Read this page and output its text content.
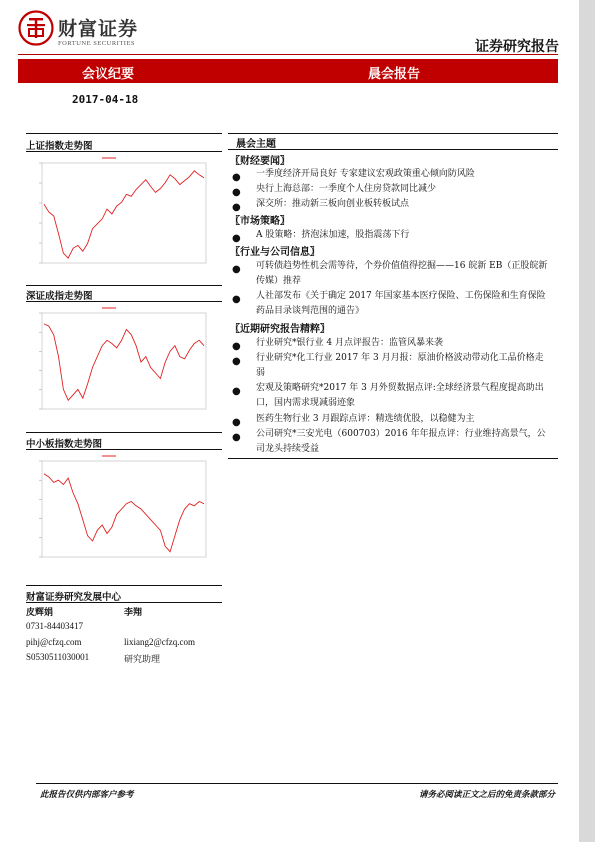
财富证券
FORTUNE SECURITIES	证券研究报告
会议纪要	晨会报告
2017-04-18
上证指数走势图
深证成指走势图
中小板指数走势图
财富证券研究发展中心
皮辉娟	李翔
0731-84403417
pihj@cfzq.com	lixiang2@cfzq.com
S0530511030001	研究助理
晨会主题
〖财经要闻〗
● 一季度经济开局良好 专家建议宏观政策重心倾向防风险
● 央行上海总部：一季度个人住房贷款同比减少
● 深交所：推动新三板向创业板转板试点
〖市场策略〗
● A 股策略：挤泡沫加速，股指震荡下行
〖行业与公司信息〗
● 可转债趋势性机会需等待，个券价值值得挖掘——16 皖新 EB（正股皖新传媒）推荐
● 人社部发布《关于确定 2017 年国家基本医疗保险、工伤保险和生育保险药品目录谈判范围的通告》
〖近期研究报告精粹〗
● 行业研究*银行业 4 月点评报告：监管风暴来袭
● 行业研究*化工行业 2017 年 3 月月报：原油价格波动带动化工品价格走弱
● 宏观及策略研究*2017 年 3 月外贸数据点评:全球经济景气程度提高助出口，国内需求现减弱迹象
● 医药生物行业 3 月跟踪点评：精选绩优股，以稳健为主
● 公司研究*三安光电（600703）2016 年年报点评：行业维持高景气，公司龙头持续受益
此报告仅供内部客户参考	请务必阅读正文之后的免责条款部分
